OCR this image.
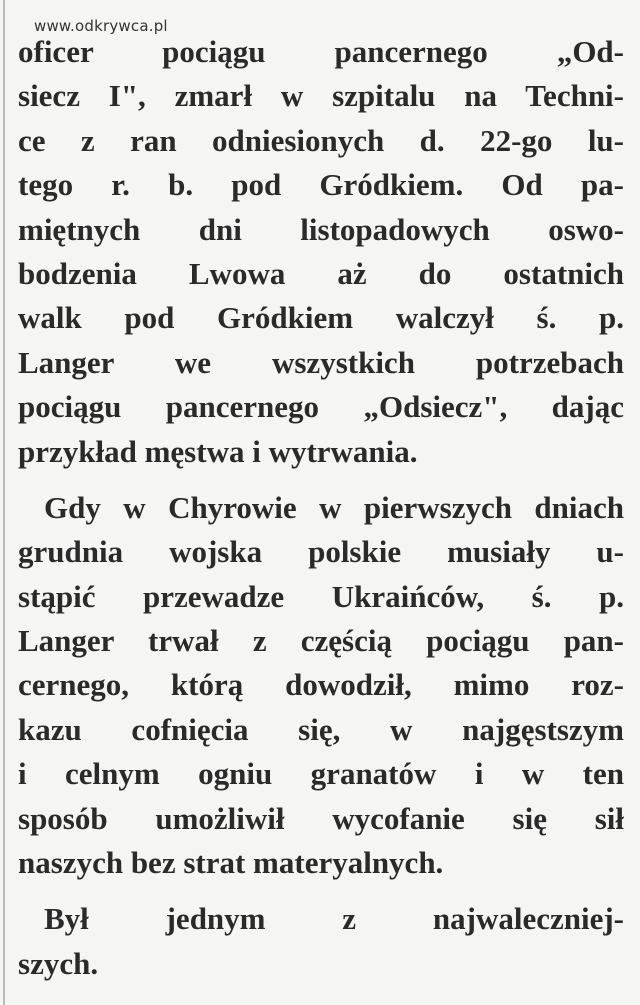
www.odkrywca.pl
oficer pociągu pancernego „Od-
siecz I", zmarł w szpitalu na Techni-
ce z ran odniesionych d. 22-go lu-
tego r. b. pod Gródkiem. Od pa-
miętnych dni listopadowych oswo-
bodzenia Lwowa aż do ostatnich
walk pod Gródkiem walczył ś. p.
Langer we wszystkich potrzebach
pociągu pancernego „Odsiecz", dając
przykład męstwa i wytrwania.
Gdy w Chyrowie w pierwszych dniach
grudnia wojska polskie musiały u-
stąpić przewadze Ukraińców, ś. p.
Langer trwał z częścią pociągu pan-
cernego, którą dowodził, mimo roz-
kazu cofnięcia się, w najgęstszym
i celnym ogniu granatów i w ten
sposób umożliwił wycofanie się sił
naszych bez strat materyalnych.
Był jednym z najwaleczniej-
szych.
